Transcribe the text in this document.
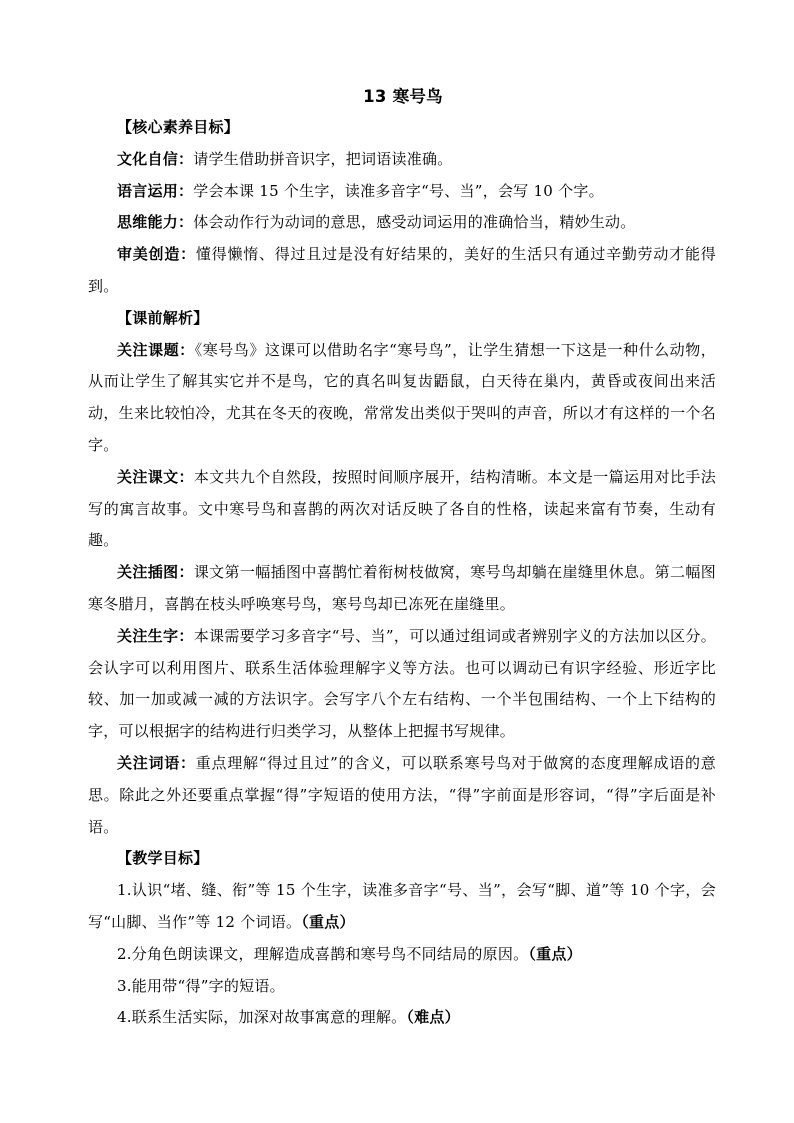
13 寒号鸟

【核心素养目标】

文化自信：请学生借助拼音识字，把词语读准确。

语言运用：学会本课 15 个生字，读准多音字“号、当”，会写 10 个字。

思维能力：体会动作行为动词的意思，感受动词运用的准确恰当，精妙生动。

审美创造：懂得懒惰、得过且过是没有好结果的，美好的生活只有通过辛勤劳动才能得到。

【课前解析】

关注课题：《寒号鸟》这课可以借助名字“寒号鸟”，让学生猜想一下这是一种什么动物，从而让学生了解其实它并不是鸟，它的真名叫复齿鼯鼠，白天待在巢内，黄昏或夜间出来活动，生来比较怕冷，尤其在冬天的夜晚，常常发出类似于哭叫的声音，所以才有这样的一个名字。

关注课文：本文共九个自然段，按照时间顺序展开，结构清晰。本文是一篇运用对比手法写的寓言故事。文中寒号鸟和喜鹊的两次对话反映了各自的性格，读起来富有节奏，生动有趣。

关注插图：课文第一幅插图中喜鹊忙着衔树枝做窝，寒号鸟却躺在崖缝里休息。第二幅图寒冬腊月，喜鹊在枝头呼唤寒号鸟，寒号鸟却已冻死在崖缝里。

关注生字：本课需要学习多音字“号、当”，可以通过组词或者辨别字义的方法加以区分。会认字可以利用图片、联系生活体验理解字义等方法。也可以调动已有识字经验、形近字比较、加一加或减一减的方法识字。会写字八个左右结构、一个半包围结构、一个上下结构的字，可以根据字的结构进行归类学习，从整体上把握书写规律。

关注词语：重点理解“得过且过”的含义，可以联系寒号鸟对于做窝的态度理解成语的意思。除此之外还要重点掌握“得”字短语的使用方法，“得”字前面是形容词，“得”字后面是补语。

【教学目标】

1.认识“堵、缝、衔”等 15 个生字，读准多音字“号、当”，会写“脚、道”等 10 个字，会写“山脚、当作”等 12 个词语。（重点）

2.分角色朗读课文，理解造成喜鹊和寒号鸟不同结局的原因。（重点）

3.能用带“得”字的短语。

4.联系生活实际，加深对故事寓意的理解。（难点）
